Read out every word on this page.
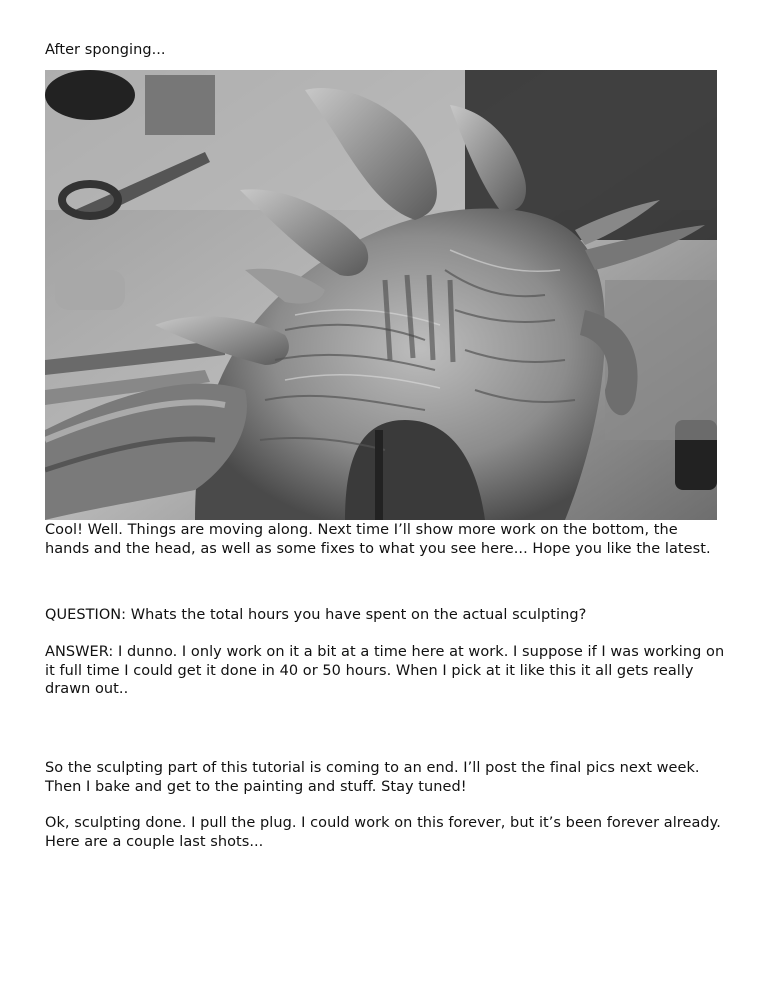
After sponging...

Cool! Well. Things are moving along. Next time I’ll show more work on the bottom, the hands and the head, as well as some fixes to what you see here... Hope you like the latest.

QUESTION: Whats the total hours you have spent on the actual sculpting?

ANSWER: I dunno. I only work on it a bit at a time here at work. I suppose if I was working on it full time I could get it done in 40 or 50 hours. When I pick at it like this it all gets really drawn out..

So the sculpting part of this tutorial is coming to an end. I’ll post the final pics next week. Then I bake and get to the painting and stuff. Stay tuned!

Ok, sculpting done. I pull the plug. I could work on this forever, but it’s been forever already. Here are a couple last shots...
